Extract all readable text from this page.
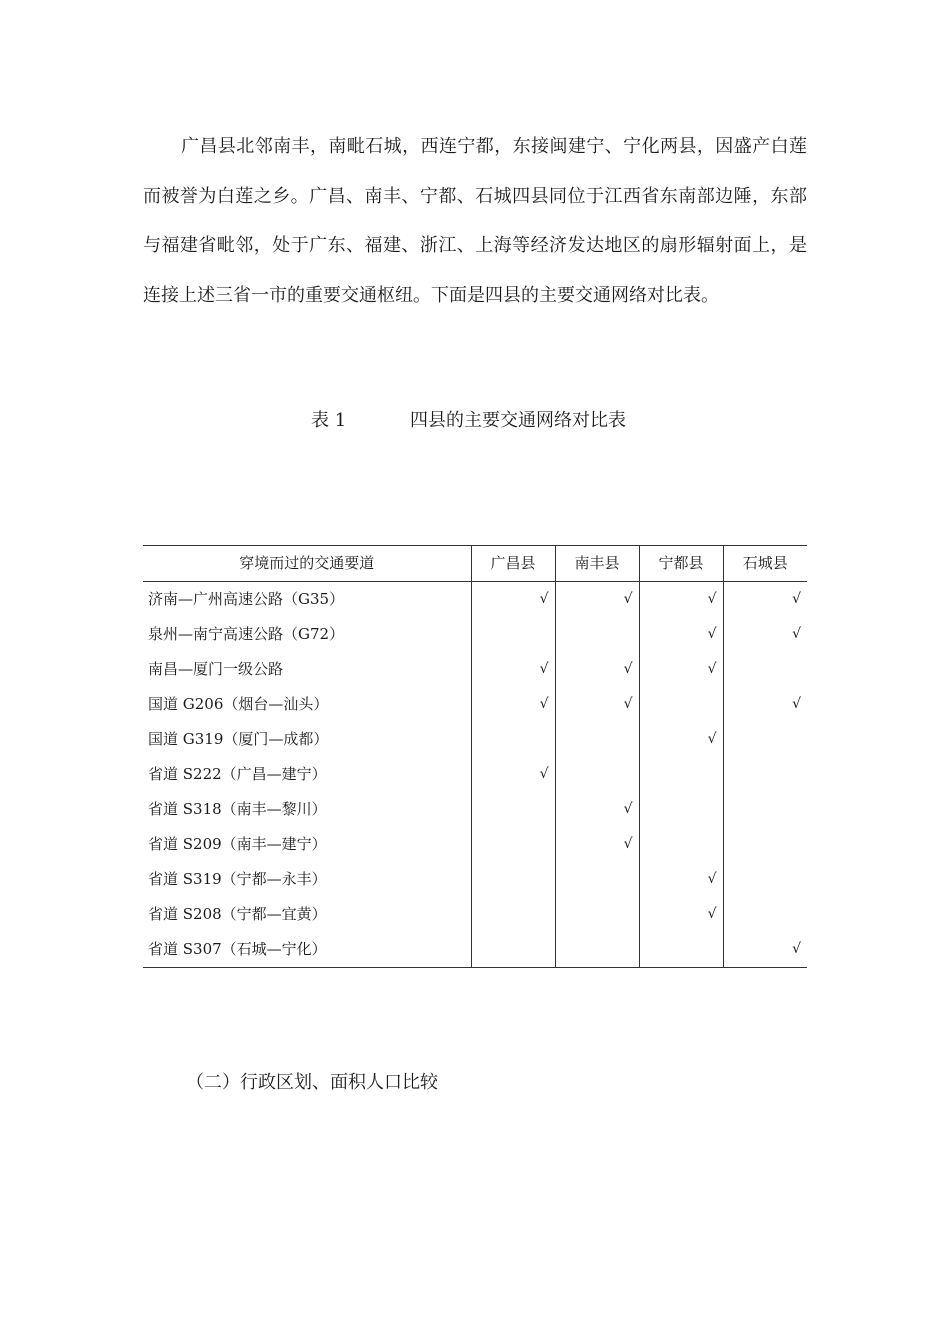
广昌县北邻南丰，南毗石城，西连宁都，东接闽建宁、宁化两县，因盛产白莲
而被誉为白莲之乡。广昌、南丰、宁都、石城四县同位于江西省东南部边陲，东部
与福建省毗邻，处于广东、福建、浙江、上海等经济发达地区的扇形辐射面上，是
连接上述三省一市的重要交通枢纽。下面是四县的主要交通网络对比表。
表 1	四县的主要交通网络对比表
穿境而过的交通要道	广昌县	南丰县	宁都县	石城县
济南—广州高速公路（G35）	√	√	√	√
泉州—南宁高速公路（G72）			√	√
南昌—厦门一级公路	√	√	√	
国道 G206（烟台—汕头）	√	√		√
国道 G319（厦门—成都）			√	
省道 S222（广昌—建宁）	√			
省道 S318（南丰—黎川）		√		
省道 S209（南丰—建宁）		√		
省道 S319（宁都—永丰）			√	
省道 S208（宁都—宜黄）			√	
省道 S307（石城—宁化）				√
（二）行政区划、面积人口比较
